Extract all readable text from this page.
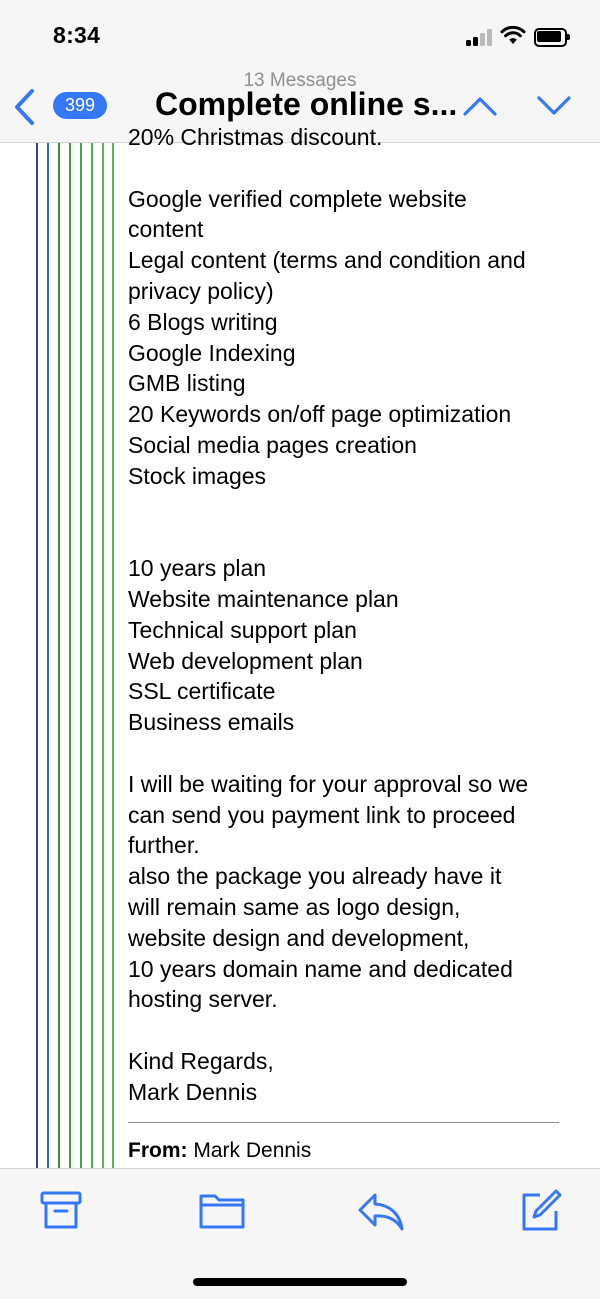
8:34
399
13 Messages
Complete online s...
20% Christmas discount.
Google verified complete website
content
Legal content (terms and condition and
privacy policy)
6 Blogs writing
Google Indexing
GMB listing
20 Keywords on/off page optimization
Social media pages creation
Stock images
10 years plan
Website maintenance plan
Technical support plan
Web development plan
SSL certificate
Business emails
I will be waiting for your approval so we
can send you payment link to proceed
further.
also the package you already have it
will remain same as logo design,
website design and development,
10 years domain name and dedicated
hosting server.
Kind Regards,
Mark Dennis
From: Mark Dennis
